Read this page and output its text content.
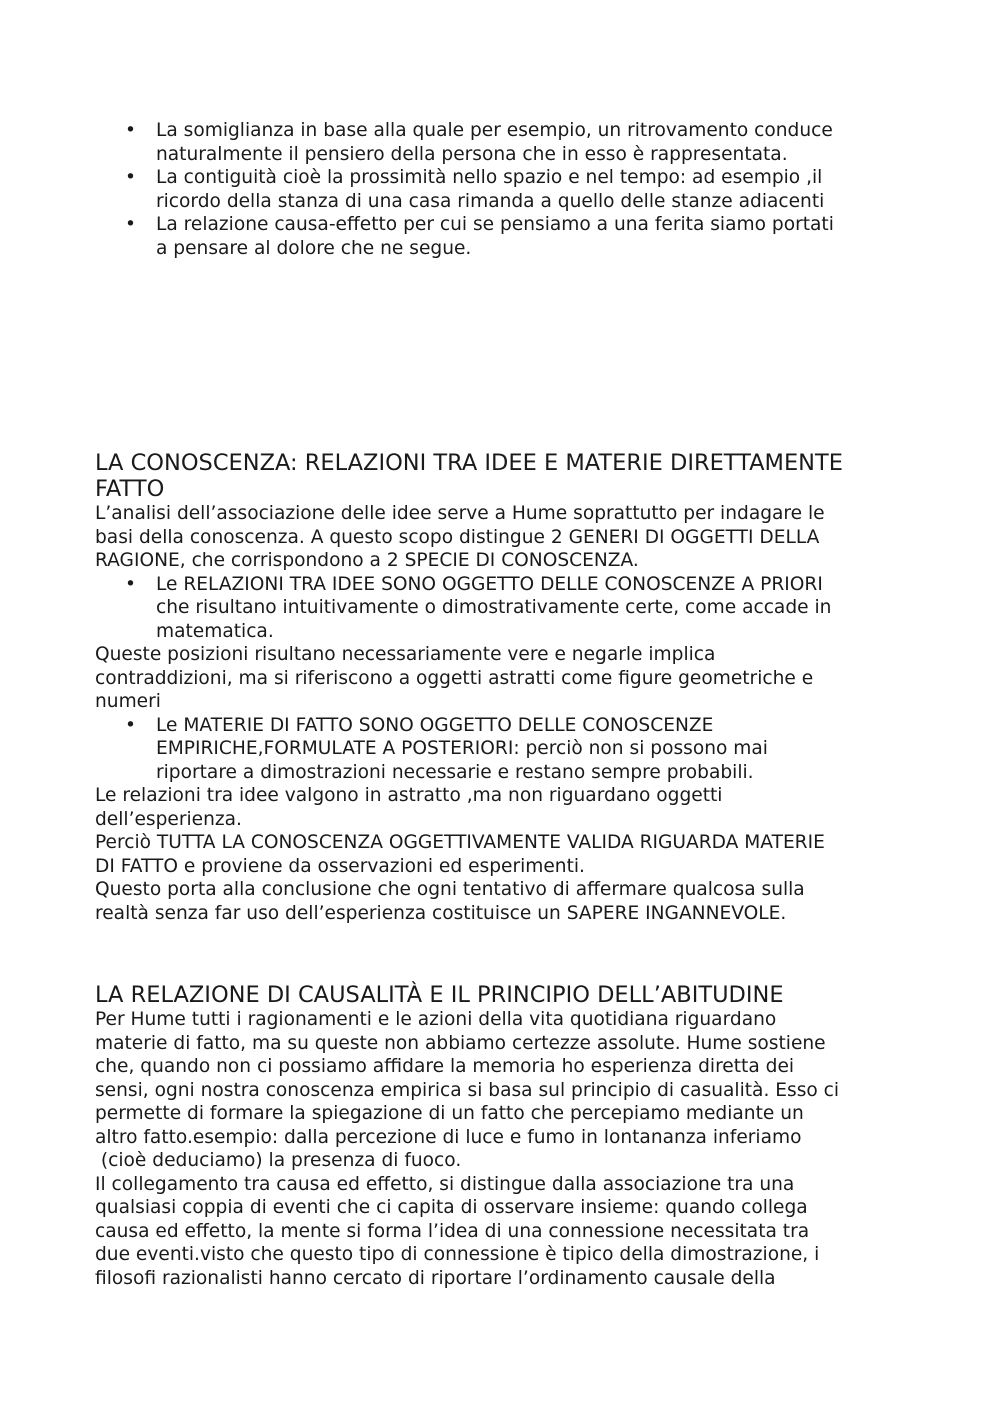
• La somiglianza in base alla quale per esempio, un ritrovamento conduce

naturalmente il pensiero della persona che in esso è rappresentata.

• La contiguità cioè la prossimità nello spazio e nel tempo: ad esempio ,il

ricordo della stanza di una casa rimanda a quello delle stanze adiacenti

• La relazione causa-effetto per cui se pensiamo a una ferita siamo portati

a pensare al dolore che ne segue.

LA CONOSCENZA: RELAZIONI TRA IDEE E MATERIE DIRETTAMENTE

FATTO

L’analisi dell’associazione delle idee serve a Hume soprattutto per indagare le

basi della conoscenza. A questo scopo distingue 2 GENERI DI OGGETTI DELLA

RAGIONE, che corrispondono a 2 SPECIE DI CONOSCENZA.

• Le RELAZIONI TRA IDEE SONO OGGETTO DELLE CONOSCENZE A PRIORI

che risultano intuitivamente o dimostrativamente certe, come accade in

matematica.

Queste posizioni risultano necessariamente vere e negarle implica

contraddizioni, ma si riferiscono a oggetti astratti come figure geometriche e

numeri

• Le MATERIE DI FATTO SONO OGGETTO DELLE CONOSCENZE

EMPIRICHE,FORMULATE A POSTERIORI: perciò non si possono mai

riportare a dimostrazioni necessarie e restano sempre probabili.

Le relazioni tra idee valgono in astratto ,ma non riguardano oggetti

dell’esperienza.

Perciò TUTTA LA CONOSCENZA OGGETTIVAMENTE VALIDA RIGUARDA MATERIE

DI FATTO e proviene da osservazioni ed esperimenti.

Questo porta alla conclusione che ogni tentativo di affermare qualcosa sulla

realtà senza far uso dell’esperienza costituisce un SAPERE INGANNEVOLE.

LA RELAZIONE DI CAUSALITÀ E IL PRINCIPIO DELL’ABITUDINE

Per Hume tutti i ragionamenti e le azioni della vita quotidiana riguardano

materie di fatto, ma su queste non abbiamo certezze assolute. Hume sostiene

che, quando non ci possiamo affidare la memoria ho esperienza diretta dei

sensi, ogni nostra conoscenza empirica si basa sul principio di casualità. Esso ci

permette di formare la spiegazione di un fatto che percepiamo mediante un

altro fatto.esempio: dalla percezione di luce e fumo in lontananza inferiamo

(cioè deduciamo) la presenza di fuoco.

Il collegamento tra causa ed effetto, si distingue dalla associazione tra una

qualsiasi coppia di eventi che ci capita di osservare insieme: quando collega

causa ed effetto, la mente si forma l’idea di una connessione necessitata tra

due eventi.visto che questo tipo di connessione è tipico della dimostrazione, i

filosofi razionalisti hanno cercato di riportare l’ordinamento causale della
